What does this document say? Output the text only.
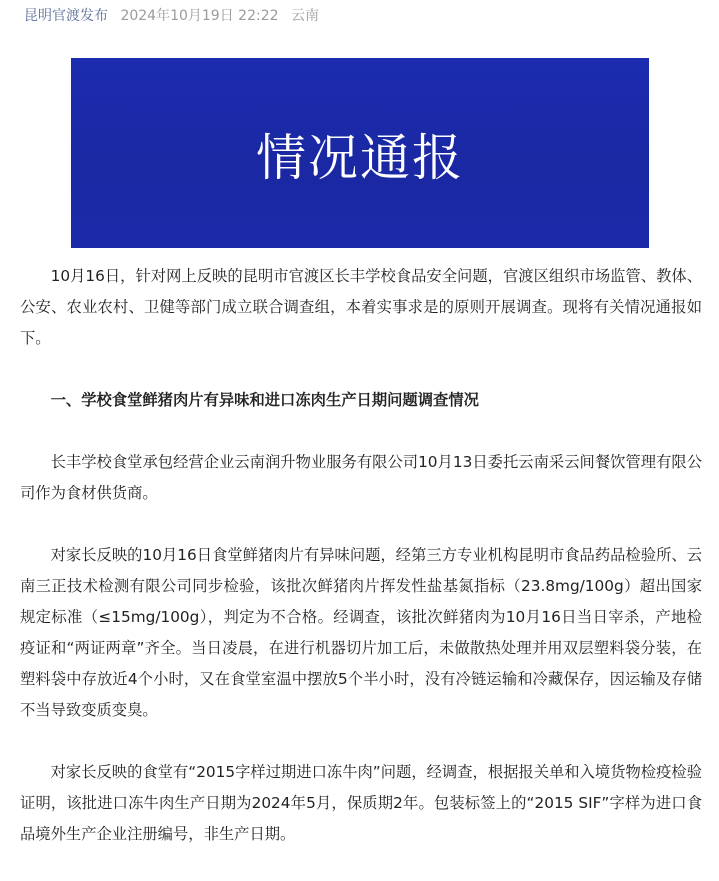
昆明官渡发布 2024年10月19日 22:22 云南
情况通报

10月16日，针对网上反映的昆明市官渡区长丰学校食品安全问题，官渡区组织市场监管、教体、公安、农业农村、卫健等部门成立联合调查组，本着实事求是的原则开展调查。现将有关情况通报如下。

一、学校食堂鲜猪肉片有异味和进口冻肉生产日期问题调查情况

长丰学校食堂承包经营企业云南润升物业服务有限公司10月13日委托云南采云间餐饮管理有限公司作为食材供货商。

对家长反映的10月16日食堂鲜猪肉片有异味问题，经第三方专业机构昆明市食品药品检验所、云南三正技术检测有限公司同步检验，该批次鲜猪肉片挥发性盐基氮指标（23.8mg/100g）超出国家规定标准（≤15mg/100g），判定为不合格。经调查，该批次鲜猪肉为10月16日当日宰杀，产地检疫证和“两证两章”齐全。当日凌晨，在进行机器切片加工后，未做散热处理并用双层塑料袋分装，在塑料袋中存放近4个小时，又在食堂室温中摆放5个半小时，没有冷链运输和冷藏保存，因运输及存储不当导致变质变臭。

对家长反映的食堂有“2015字样过期进口冻牛肉”问题，经调查，根据报关单和入境货物检疫检验证明，该批进口冻牛肉生产日期为2024年5月，保质期2年。包装标签上的“2015 SIF”字样为进口食品境外生产企业注册编号，非生产日期。
